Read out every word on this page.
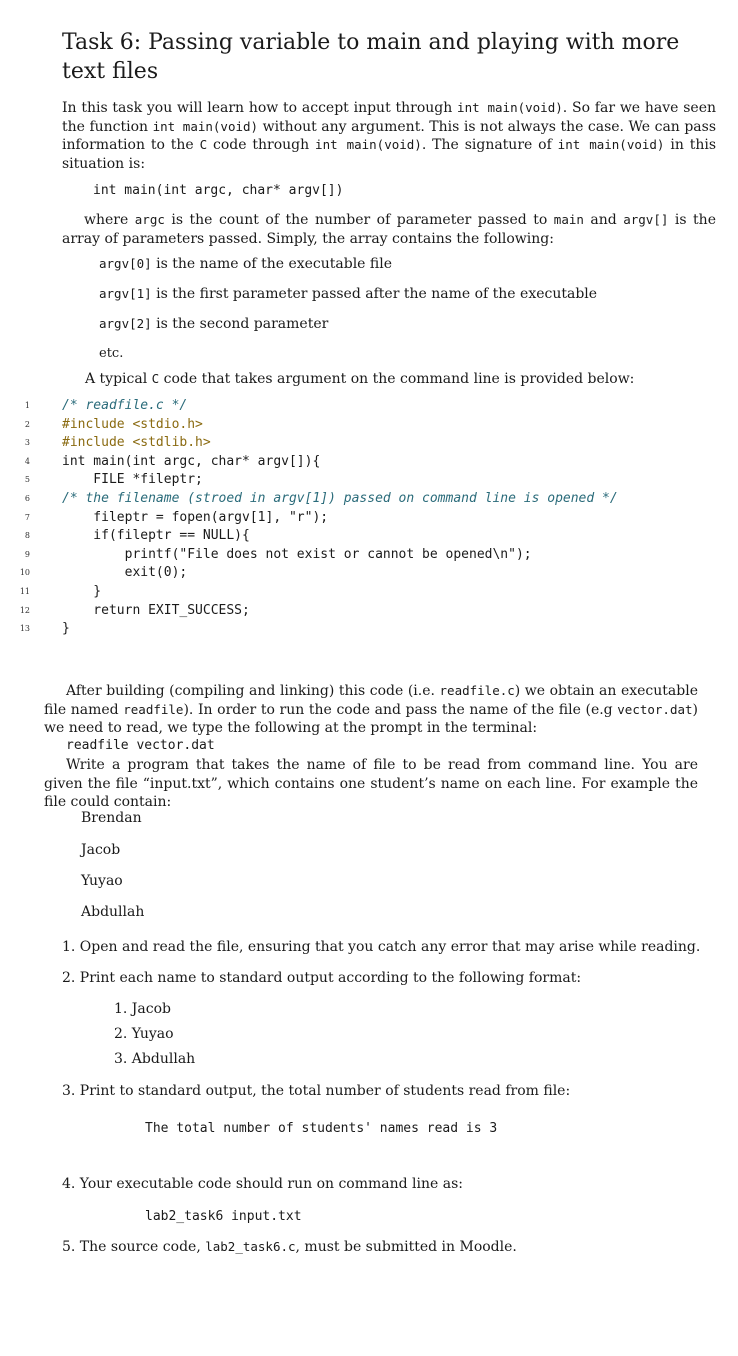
Task 6: Passing variable to main and playing with more text files

In this task you will learn how to accept input through int main(void). So far we have seen the function int main(void) without any argument. This is not always the case. We can pass information to the C code through int main(void). The signature of int main(void) in this situation is:

int main(int argc, char* argv[])

where argc is the count of the number of parameter passed to main and argv[] is the array of parameters passed. Simply, the array contains the following:

argv[0] is the name of the executable file
argv[1] is the first parameter passed after the name of the executable
argv[2] is the second parameter
etc.
A typical C code that takes argument on the command line is provided below:
1 /* readfile.c */
2 #include <stdio.h>
3 #include <stdlib.h>
4 int main(int argc, char* argv[]){
5 FILE *fileptr;
6 /* the filename (stroed in argv[1]) passed on command line is opened */
7 fileptr = fopen(argv[1], "r");
8 if(fileptr == NULL){
9 printf("File does not exist or cannot be opened\n");
10 exit(0);
11 }
12 return EXIT_SUCCESS;
13 }

After building (compiling and linking) this code (i.e. readfile.c) we obtain an executable file named readfile). In order to run the code and pass the name of the file (e.g vector.dat) we need to read, we type the following at the prompt in the terminal:

readfile vector.dat

Write a program that takes the name of file to be read from command line. You are given the file “input.txt”, which contains one student’s name on each line. For example the file could contain:

Brendan
Jacob
Yuyao
Abdullah
1. Open and read the file, ensuring that you catch any error that may arise while reading.
2. Print each name to standard output according to the following format:
1. Jacob
2. Yuyao
3. Abdullah
3. Print to standard output, the total number of students read from file:
The total number of students' names read is 3
4. Your executable code should run on command line as:
lab2_task6 input.txt
5. The source code, lab2_task6.c, must be submitted in Moodle.
